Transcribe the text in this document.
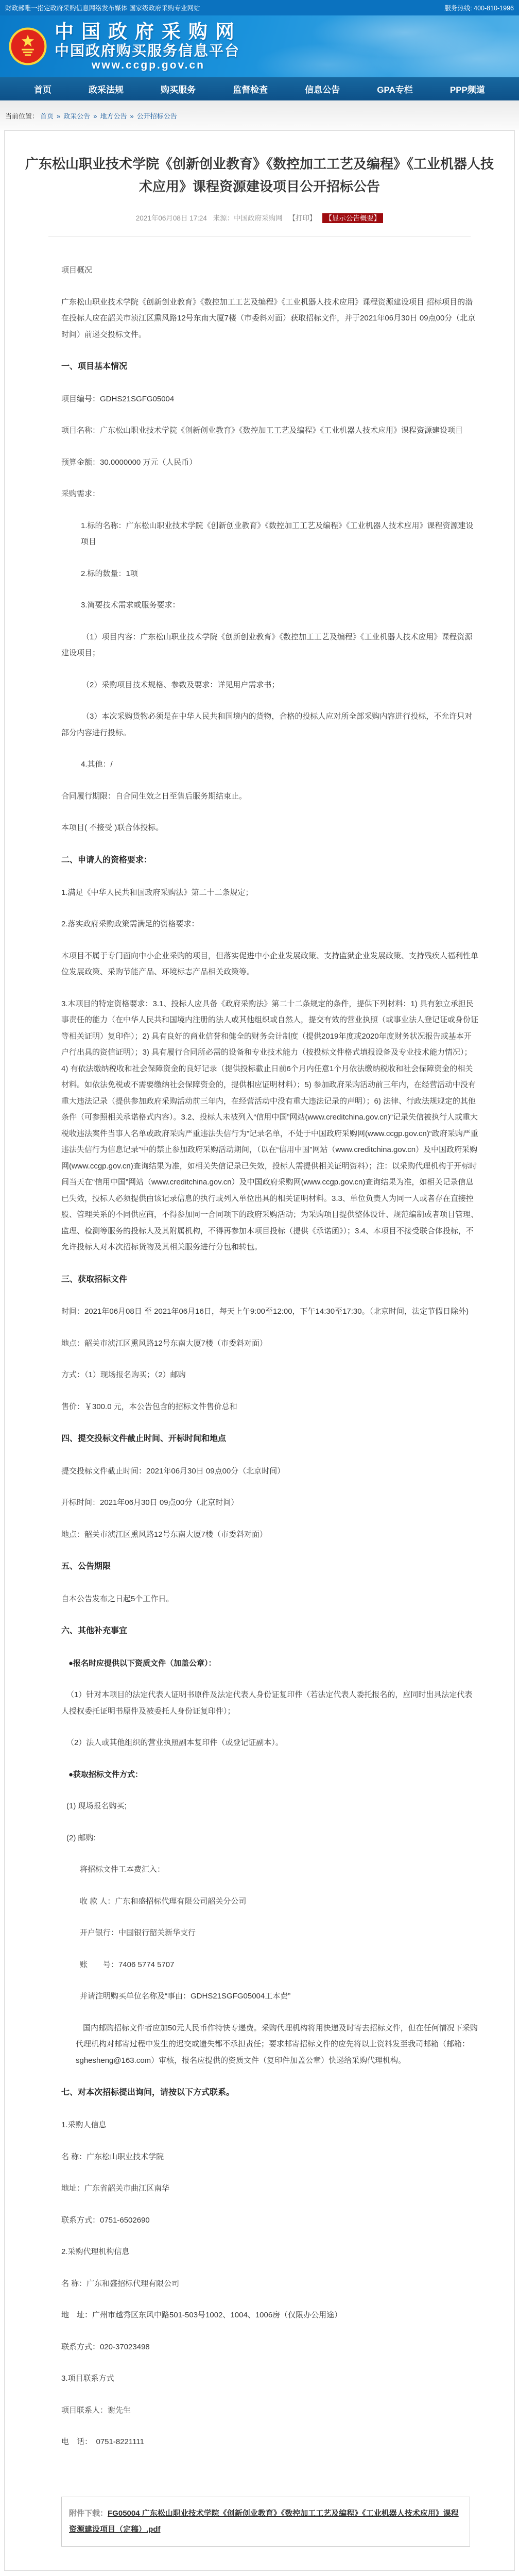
财政部唯一指定政府采购信息网络发布媒体 国家级政府采购专业网站	服务热线: 400-810-1996
中国政府采购网
中国政府购买服务信息平台
www.ccgp.gov.cn
首页	政采法规	购买服务	监督检查	信息公告	GPA专栏	PPP频道
当前位置： 首页 » 政采公告 » 地方公告 » 公开招标公告
广东松山职业技术学院《创新创业教育》《数控加工工艺及编程》《工业机器人技术应用》课程资源建设项目公开招标公告
2021年06月08日 17:24 来源：中国政府采购网 【打印】 【显示公告概要】

项目概况

广东松山职业技术学院《创新创业教育》《数控加工工艺及编程》《工业机器人技术应用》课程资源建设项目 招标项目的潜在投标人应在韶关市浈江区熏风路12号东南大厦7楼（市委斜对面）获取招标文件，并于2021年06月30日 09点00分（北京时间）前递交投标文件。

一、项目基本情况

项目编号：GDHS21SGFG05004

项目名称：广东松山职业技术学院《创新创业教育》《数控加工工艺及编程》《工业机器人技术应用》课程资源建设项目

预算金额：30.0000000 万元（人民币）

采购需求：

1.标的名称：广东松山职业技术学院《创新创业教育》《数控加工工艺及编程》《工业机器人技术应用》课程资源建设项目

2.标的数量：1项

3.简要技术需求或服务要求：

（1）项目内容：广东松山职业技术学院《创新创业教育》《数控加工工艺及编程》《工业机器人技术应用》课程资源建设项目；

（2）采购项目技术规格、参数及要求：详见用户需求书；

（3）本次采购货物必须是在中华人民共和国境内的货物，合格的投标人应对所全部采购内容进行投标，不允许只对部分内容进行投标。

4.其他：/

合同履行期限：自合同生效之日至售后服务期结束止。

本项目( 不接受 )联合体投标。

二、申请人的资格要求：

1.满足《中华人民共和国政府采购法》第二十二条规定；

2.落实政府采购政策需满足的资格要求：

本项目不属于专门面向中小企业采购的项目，但落实促进中小企业发展政策、支持监狱企业发展政策、支持残疾人福利性单位发展政策、采购节能产品、环境标志产品相关政策等。

3.本项目的特定资格要求：3.1、投标人应具备《政府采购法》第二十二条规定的条件，提供下列材料：1) 具有独立承担民事责任的能力（在中华人民共和国境内注册的法人或其他组织或自然人，提交有效的营业执照（或事业法人登记证或身份证等相关证明）复印件）；2) 具有良好的商业信誉和健全的财务会计制度（提供2019年度或2020年度财务状况报告或基本开户行出具的资信证明）；3) 具有履行合同所必需的设备和专业技术能力（按投标文件格式填报设备及专业技术能力情况）；4) 有依法缴纳税收和社会保障资金的良好记录（提供投标截止日前6个月内任意1个月依法缴纳税收和社会保障资金的相关材料。如依法免税或不需要缴纳社会保障资金的，提供相应证明材料）；5) 参加政府采购活动前三年内，在经营活动中没有重大违法记录（提供参加政府采购活动前三年内，在经营活动中没有重大违法记录的声明）；6) 法律、行政法规规定的其他条件（可参照相关承诺格式内容）。3.2、投标人未被列入“信用中国”网站(www.creditchina.gov.cn)“记录失信被执行人或重大税收违法案件当事人名单或政府采购严重违法失信行为”记录名单，不处于中国政府采购网(www.ccgp.gov.cn)“政府采购严重违法失信行为信息记录”中的禁止参加政府采购活动期间，（以在“信用中国”网站（www.creditchina.gov.cn）及中国政府采购网(www.ccgp.gov.cn)查询结果为准，如相关失信记录已失效，投标人需提供相关证明资料）；注：以采购代理机构于开标时间当天在“信用中国”网站（www.creditchina.gov.cn）及中国政府采购网(www.ccgp.gov.cn)查询结果为准，如相关记录信息已失效，投标人必须提供由该记录信息的执行或列入单位出具的相关证明材料。3.3、单位负责人为同一人或者存在直接控股、管理关系的不同供应商，不得参加同一合同项下的政府采购活动；为采购项目提供整体设计、规范编制或者项目管理、监理、检测等服务的投标人及其附属机构，不得再参加本项目投标（提供《承诺函》）；3.4、本项目不接受联合体投标，不允许投标人对本次招标货物及其相关服务进行分包和转包。

三、获取招标文件

时间：2021年06月08日 至 2021年06月16日，每天上午9:00至12:00，下午14:30至17:30。（北京时间，法定节假日除外)

地点：韶关市浈江区熏风路12号东南大厦7楼（市委斜对面）

方式：（1）现场报名购买；（2）邮购

售价：￥300.0 元，本公告包含的招标文件售价总和

四、提交投标文件截止时间、开标时间和地点

提交投标文件截止时间：2021年06月30日 09点00分（北京时间）

开标时间：2021年06月30日 09点00分（北京时间）

地点：韶关市浈江区熏风路12号东南大厦7楼（市委斜对面）

五、公告期限

自本公告发布之日起5个工作日。

六、其他补充事宜

●报名时应提供以下资质文件（加盖公章）：

（1）针对本项目的法定代表人证明书原件及法定代表人身份证复印件（若法定代表人委托报名的，应同时出具法定代表人授权委托证明书原件及被委托人身份证复印件）；

（2）法人或其他组织的营业执照副本复印件（或登记证副本）。

●获取招标文件方式：

(1) 现场报名购买;

(2) 邮购:

将招标文件工本费汇入：

收 款 人：广东和盛招标代理有限公司韶关分公司

开户银行：中国银行韶关新华支行

账　　号：7406 5774 5707

并请注明购买单位名称及“事由：GDHS21SGFG05004工本费”

国内邮购招标文件者应加50元人民币作特快专递费。采购代理机构将用快递及时寄去招标文件，但在任何情况下采购代理机构对邮寄过程中发生的迟交或遗失都不承担责任；要求邮寄招标文件的应先将以上资料发至我司邮箱（邮箱：sghesheng@163.com）审核，报名应提供的资质文件（复印件加盖公章）快递给采购代理机构。

七、对本次招标提出询问，请按以下方式联系。

1.采购人信息

名 称：广东松山职业技术学院

地址：广东省韶关市曲江区南华

联系方式：0751-6502690

2.采购代理机构信息

名 称：广东和盛招标代理有限公司

地　址：广州市越秀区东风中路501-503号1002、1004、1006房（仅限办公用途）

联系方式：020-37023498

3.项目联系方式

项目联系人：谢先生

电　话：　0751-8221111

附件下载：FG05004 广东松山职业技术学院《创新创业教育》《数控加工工艺及编程》《工业机器人技术应用》课程资源建设项目（定稿）.pdf
